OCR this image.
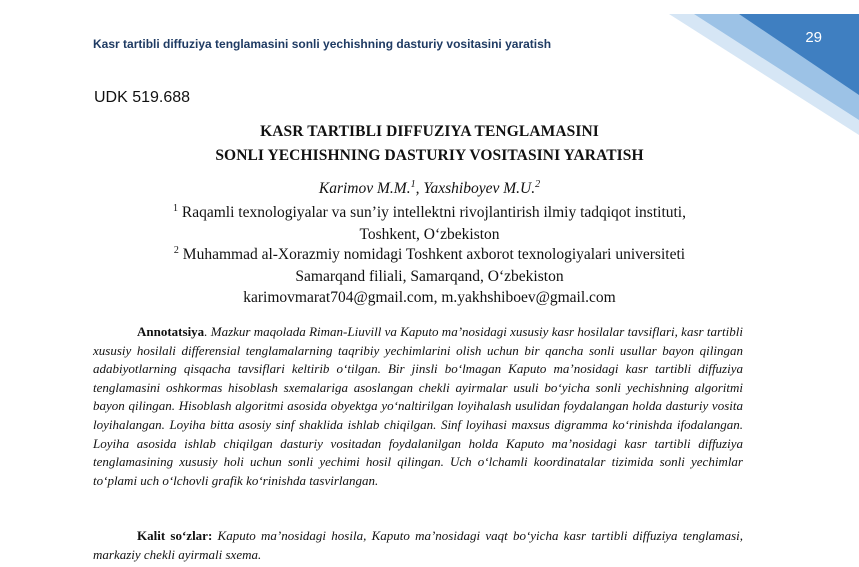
29
Kasr tartibli diffuziya tenglamasini sonli yechishning dasturiy vositasini yaratish
UDK 519.688
KASR TARTIBLI DIFFUZIYA TENGLAMASINI
SONLI YECHISHNING DASTURIY VOSITASINI YARATISH
Karimov M.M.$^1$, Yaxshiboyev M.U.$^2$
$^1$ Raqamli texnologiyalar va sun’iy intellektni rivojlantirish ilmiy tadqiqot instituti,
Toshkent, O‘zbekiston
$^2$ Muhammad al-Xorazmiy nomidagi Toshkent axborot texnologiyalari universiteti
Samarqand filiali, Samarqand, O‘zbekiston
karimovmarat704@gmail.com, m.yakhshiboev@gmail.com

Annotatsiya. Mazkur maqolada Riman-Liuvill va Kaputo ma’nosidagi xususiy kasr hosilalar tavsiflari, kasr tartibli xususiy hosilali differensial tenglamalarning taqribiy yechimlarini olish uchun bir qancha sonli usullar bayon qilingan adabiyotlarning qisqacha tavsiflari keltirib o‘tilgan. Bir jinsli bo‘lmagan Kaputo ma’nosidagi kasr tartibli diffuziya tenglamasini oshkormas hisoblash sxemalariga asoslangan chekli ayirmalar usuli bo‘yicha sonli yechishning algoritmi bayon qilingan. Hisoblash algoritmi asosida obyektga yo‘naltirilgan loyihalash usulidan foydalangan holda dasturiy vosita loyihalangan. Loyiha bitta asosiy sinf shaklida ishlab chiqilgan. Sinf loyihasi maxsus digramma ko‘rinishda ifodalangan. Loyiha asosida ishlab chiqilgan dasturiy vositadan foydalanilgan holda Kaputo ma’nosidagi kasr tartibli diffuziya tenglamasining xususiy holi uchun sonli yechimi hosil qilingan. Uch o‘lchamli koordinatalar tizimida sonli yechimlar to‘plami uch o‘lchovli grafik ko‘rinishda tasvirlangan.

Kalit so‘zlar: Kaputo ma’nosidagi hosila, Kaputo ma’nosidagi vaqt bo‘yicha kasr tartibli diffuziya tenglamasi, markaziy chekli ayirmali sxema.
